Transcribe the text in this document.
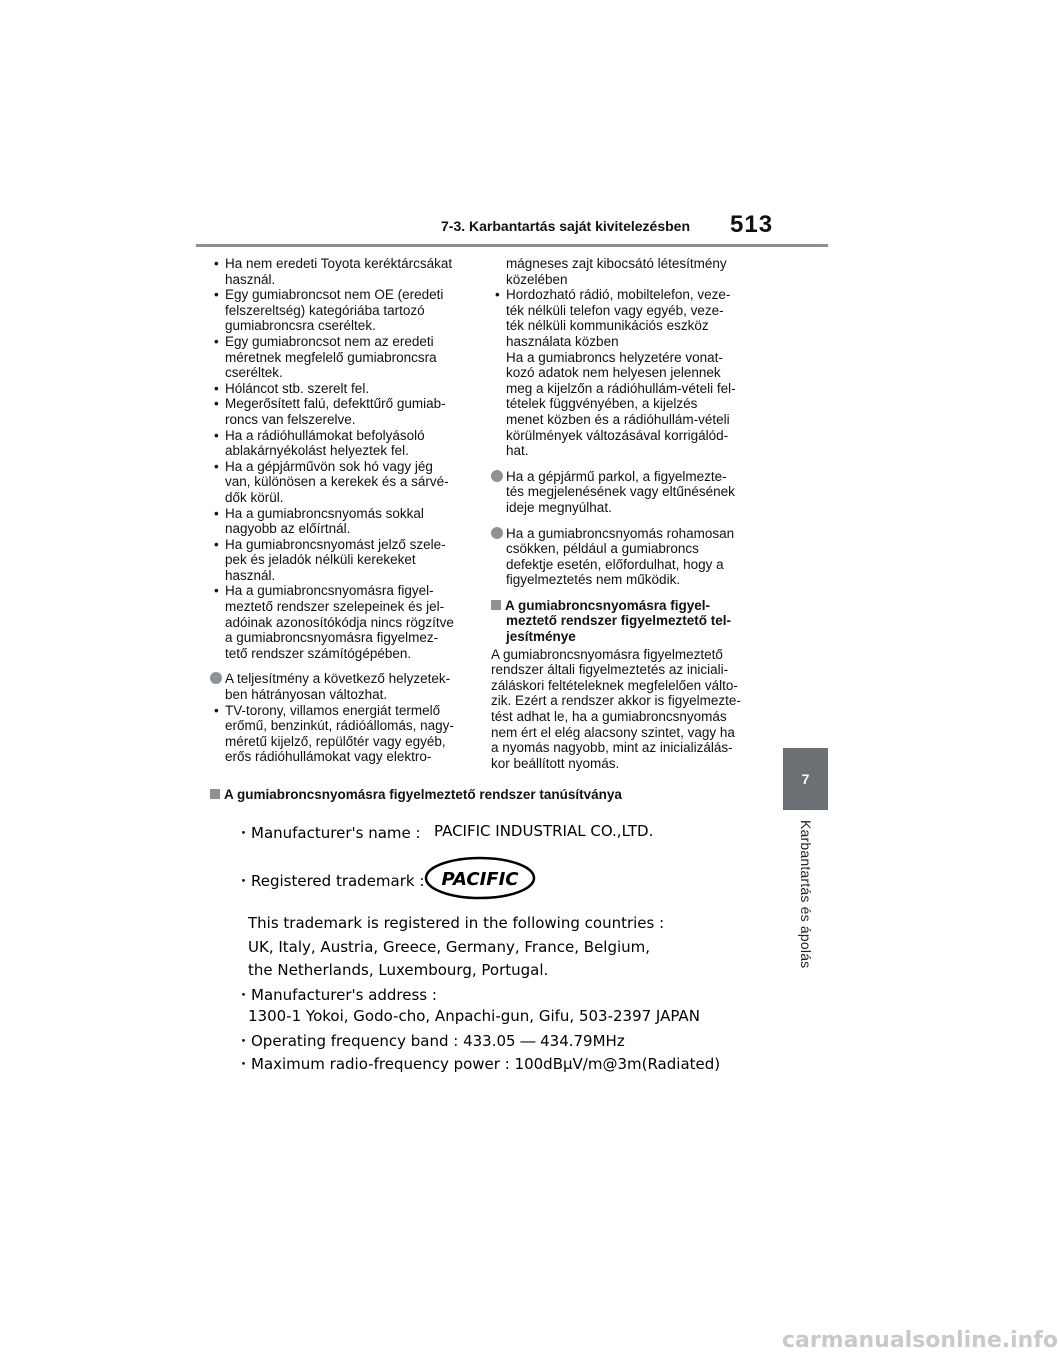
7-3. Karbantartás saját kivitelezésben 513
7
Karbantartás és ápolás
• Ha nem eredeti Toyota keréktárcsákat
használ.
• Egy gumiabroncsot nem OE (eredeti
felszereltség) kategóriába tartozó
gumiabroncsra cseréltek.
• Egy gumiabroncsot nem az eredeti
méretnek megfelelő gumiabroncsra
cseréltek.
• Hóláncot stb. szerelt fel.
• Megerősített falú, defekttűrő gumiab-
roncs van felszerelve.
• Ha a rádióhullámokat befolyásoló
ablakárnyékolást helyeztek fel.
• Ha a gépjárművön sok hó vagy jég
van, különösen a kerekek és a sárvé-
dők körül.
• Ha a gumiabroncsnyomás sokkal
nagyobb az előírtnál.
• Ha gumiabroncsnyomást jelző szele-
pek és jeladók nélküli kerekeket
használ.
• Ha a gumiabroncsnyomásra figyel-
meztető rendszer szelepeinek és jel-
adóinak azonosítókódja nincs rögzítve
a gumiabroncsnyomásra figyelmez-
tető rendszer számítógépében.
A teljesítmény a következő helyzetek-
ben hátrányosan változhat.
• TV-torony, villamos energiát termelő
erőmű, benzinkút, rádióállomás, nagy-
méretű kijelző, repülőtér vagy egyéb,
erős rádióhullámokat vagy elektro-
mágneses zajt kibocsátó létesítmény
közelében
• Hordozható rádió, mobiltelefon, veze-
ték nélküli telefon vagy egyéb, veze-
ték nélküli kommunikációs eszköz
használata közben
Ha a gumiabroncs helyzetére vonat-
kozó adatok nem helyesen jelennek
meg a kijelzőn a rádióhullám-vételi fel-
tételek függvényében, a kijelzés
menet közben és a rádióhullám-vételi
körülmények változásával korrigálód-
hat.
Ha a gépjármű parkol, a figyelmezte-
tés megjelenésének vagy eltűnésének
ideje megnyúlhat.
Ha a gumiabroncsnyomás rohamosan
csökken, például a gumiabroncs
defektje esetén, előfordulhat, hogy a
figyelmeztetés nem működik.
A gumiabroncsnyomásra figyel-
meztető rendszer figyelmeztető tel-
jesítménye
A gumiabroncsnyomásra figyelmeztető
rendszer általi figyelmeztetés az iniciali-
záláskori feltételeknek megfelelően válto-
zik. Ezért a rendszer akkor is figyelmezte-
tést adhat le, ha a gumiabroncsnyomás
nem ért el elég alacsony szintet, vagy ha
a nyomás nagyobb, mint az inicializálás-
kor beállított nyomás.
A gumiabroncsnyomásra figyelmeztető rendszer tanúsítványa
・Manufacturer's name : PACIFIC INDUSTRIAL CO.,LTD.
・Registered trademark : PACIFIC
This trademark is registered in the following countries :
UK, Italy, Austria, Greece, Germany, France, Belgium,
the Netherlands, Luxembourg, Portugal.
・Manufacturer's address :
1300-1 Yokoi, Godo-cho, Anpachi-gun, Gifu, 503-2397 JAPAN
・Operating frequency band : 433.05 ― 434.79MHz
・Maximum radio-frequency power : 100dBμV/m@3m(Radiated)
carmanualsonline.info
